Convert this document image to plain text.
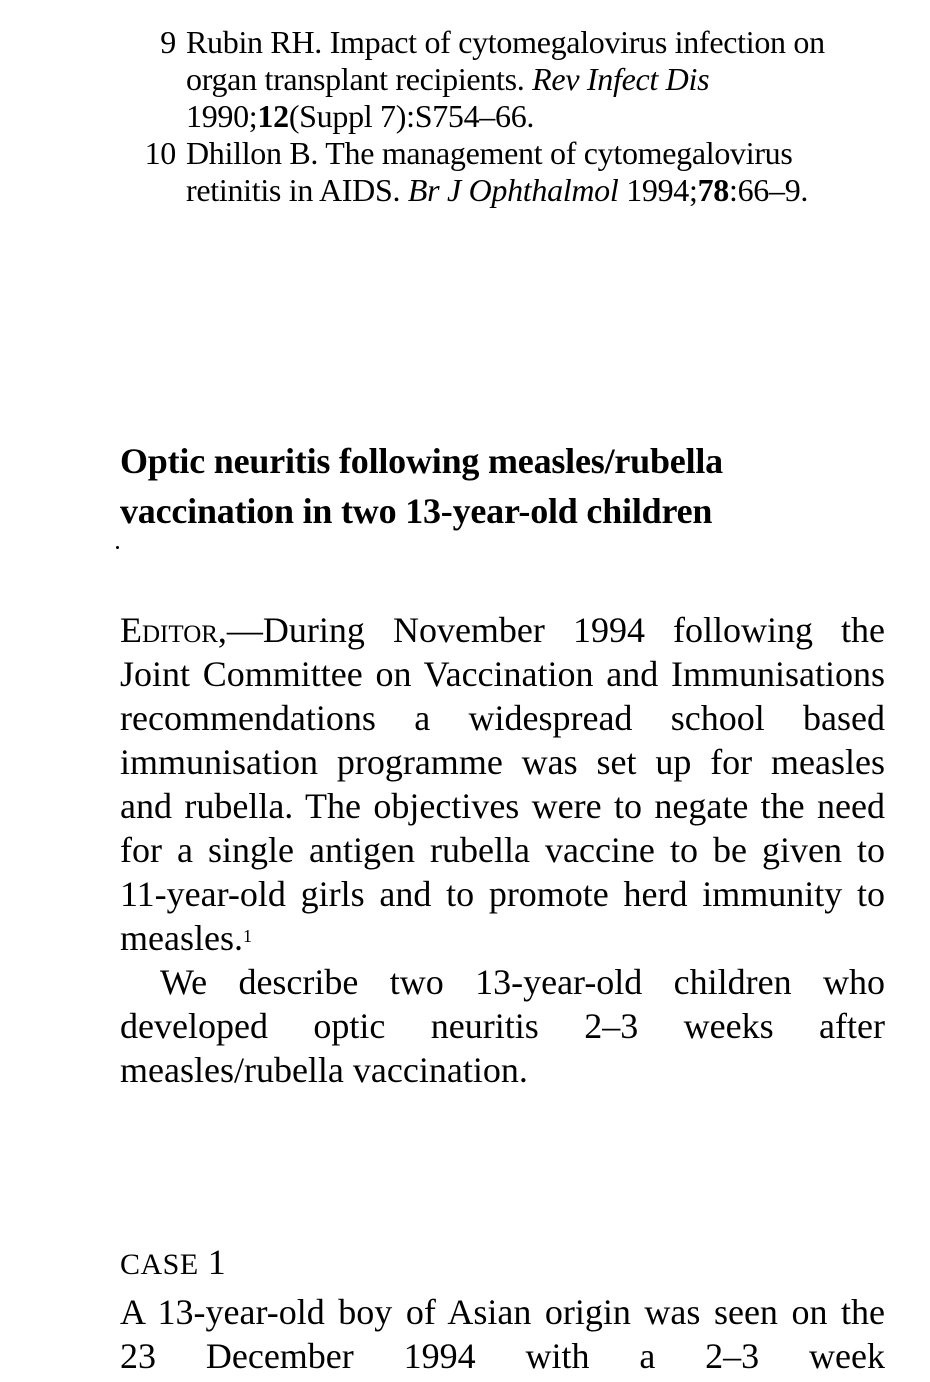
9 Rubin RH. Impact of cytomegalovirus infection on organ transplant recipients. Rev Infect Dis 1990;12(Suppl 7):S754–66.
10 Dhillon B. The management of cytomegalovirus retinitis in AIDS. Br J Ophthalmol 1994;78:66–9.
Optic neuritis following measles/rubella vaccination in two 13-year-old children

Editor,—During November 1994 following the Joint Committee on Vaccination and Immunisations recommendations a widespread school based immunisation programme was set up for measles and rubella. The objectives were to negate the need for a single antigen rubella vaccine to be given to 11-year-old girls and to promote herd immunity to measles.$^1$

We describe two 13-year-old children who developed optic neuritis 2–3 weeks after measles/rubella vaccination.

CASE 1
A 13-year-old boy of Asian origin was seen on the 23 December 1994 with a 2–3 week
